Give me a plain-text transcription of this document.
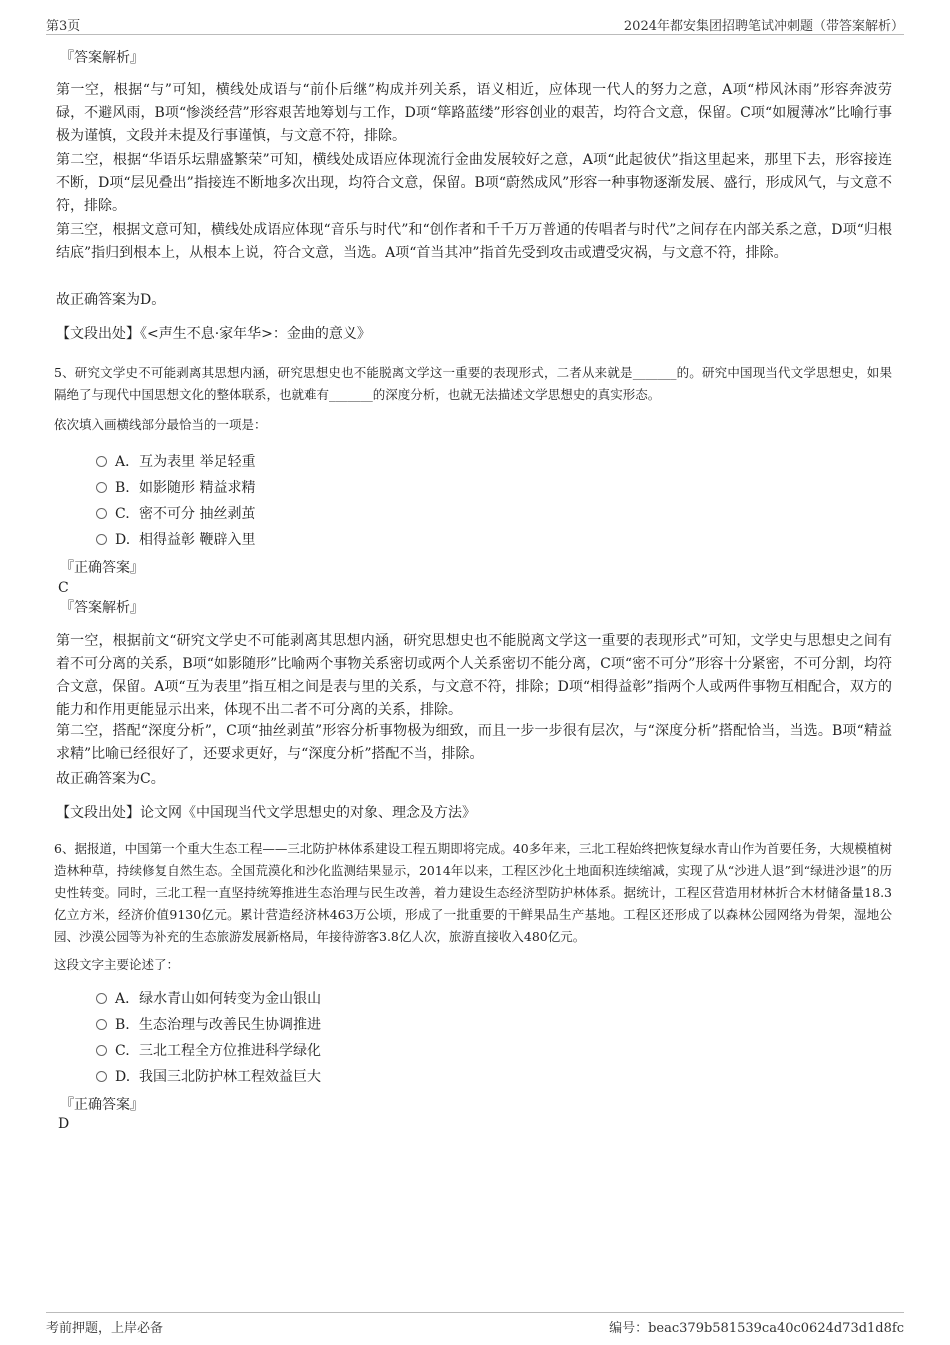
第3页	2024年都安集团招聘笔试冲刺题（带答案解析）
『答案解析』
第一空，根据“与”可知，横线处成语与“前仆后继”构成并列关系，语义相近，应体现一代人的努力之意，A项“栉风沐雨”形容奔波劳碌，不避风雨，B项“惨淡经营”形容艰苦地筹划与工作，D项“筚路蓝缕”形容创业的艰苦，均符合文意，保留。C项“如履薄冰”比喻行事极为谨慎，文段并未提及行事谨慎，与文意不符，排除。
第二空，根据“华语乐坛鼎盛繁荣”可知，横线处成语应体现流行金曲发展较好之意，A项“此起彼伏”指这里起来，那里下去，形容接连不断，D项“层见叠出”指接连不断地多次出现，均符合文意，保留。B项“蔚然成风”形容一种事物逐渐发展、盛行，形成风气，与文意不符，排除。
第三空，根据文意可知，横线处成语应体现“音乐与时代”和“创作者和千千万万普通的传唱者与时代”之间存在内部关系之意，D项“归根结底”指归到根本上，从根本上说，符合文意，当选。A项“首当其冲”指首先受到攻击或遭受灾祸，与文意不符，排除。
故正确答案为D。
【文段出处】《<声生不息·家年华>：金曲的意义》
5、研究文学史不可能剥离其思想内涵，研究思想史也不能脱离文学这一重要的表现形式，二者从来就是_______的。研究中国现当代文学思想史，如果隔绝了与现代中国思想文化的整体联系，也就难有_______的深度分析，也就无法描述文学思想史的真实形态。
依次填入画横线部分最恰当的一项是：
A．互为表里 举足轻重
B. 如影随形 精益求精
C. 密不可分 抽丝剥茧
D. 相得益彰 鞭辟入里
『正确答案』
C
『答案解析』
第一空，根据前文“研究文学史不可能剥离其思想内涵，研究思想史也不能脱离文学这一重要的表现形式”可知，文学史与思想史之间有着不可分离的关系，B项“如影随形”比喻两个事物关系密切或两个人关系密切不能分离，C项“密不可分”形容十分紧密，不可分割，均符合文意，保留。A项“互为表里”指互相之间是表与里的关系，与文意不符，排除；D项“相得益彰”指两个人或两件事物互相配合，双方的能力和作用更能显示出来，体现不出二者不可分离的关系，排除。
第二空，搭配“深度分析”，C项“抽丝剥茧”形容分析事物极为细致，而且一步一步很有层次，与“深度分析”搭配恰当，当选。B项“精益求精”比喻已经很好了，还要求更好，与“深度分析”搭配不当，排除。
故正确答案为C。
【文段出处】论文网《中国现当代文学思想史的对象、理念及方法》
6、据报道，中国第一个重大生态工程——三北防护林体系建设工程五期即将完成。40多年来，三北工程始终把恢复绿水青山作为首要任务，大规模植树造林种草，持续修复自然生态。全国荒漠化和沙化监测结果显示，2014年以来，工程区沙化土地面积连续缩减，实现了从“沙进人退”到“绿进沙退”的历史性转变。同时，三北工程一直坚持统筹推进生态治理与民生改善，着力建设生态经济型防护林体系。据统计，工程区营造用材林折合木材储备量18.3亿立方米，经济价值9130亿元。累计营造经济林463万公顷，形成了一批重要的干鲜果品生产基地。工程区还形成了以森林公园网络为骨架，湿地公园、沙漠公园等为补充的生态旅游发展新格局，年接待游客3.8亿人次，旅游直接收入480亿元。
这段文字主要论述了：
A．绿水青山如何转变为金山银山
B. 生态治理与改善民生协调推进
C. 三北工程全方位推进科学绿化
D. 我国三北防护林工程效益巨大
『正确答案』
D
考前押题，上岸必备	编号：beac379b581539ca40c0624d73d1d8fc
